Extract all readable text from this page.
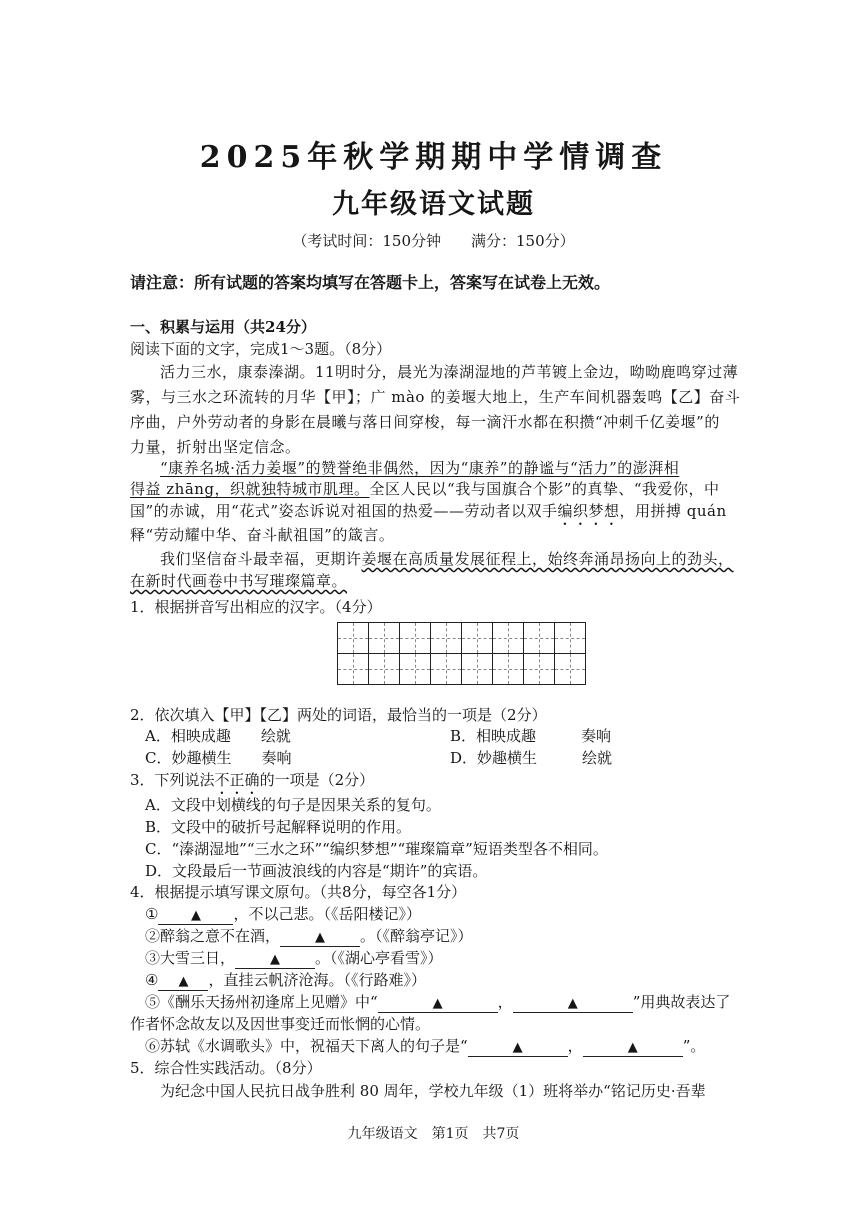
2025年秋学期期中学情调查
九年级语文试题
（考试时间：150分钟　　满分：150分）
请注意：所有试题的答案均填写在答题卡上，答案写在试卷上无效。
一、积累与运用（共24分）
阅读下面的文字，完成1～3题。（8分）
活力三水，康泰溱湖。11明时分，晨光为溱湖湿地的芦苇镀上金边，呦呦鹿鸣穿过薄
雾，与三水之环流转的月华【甲】；广 mào 的姜堰大地上，生产车间机器轰鸣【乙】奋斗
序曲，户外劳动者的身影在晨曦与落日间穿梭，每一滴汗水都在积攒“冲刺千亿姜堰”的
力量，折射出坚定信念。
“康养名城·活力姜堰”的赞誉绝非偶然，因为“康养”的静谧与“活力”的澎湃相
得益 zhāng，织就独特城市肌理。全区人民以“我与国旗合个影”的真挚、“我爱你，中
国”的赤诚，用“花式”姿态诉说对祖国的热爱——劳动者以双手编织梦想，用拼搏 quán
释“劳动耀中华、奋斗献祖国”的箴言。
我们坚信奋斗最幸福，更期许姜堰在高质量发展征程上，始终奔涌昂扬向上的劲头，
在新时代画卷中书写璀璨篇章。
1．根据拼音写出相应的汉字。（4分）
2．依次填入【甲】【乙】两处的词语，最恰当的一项是（2分）
A．相映成趣　　绘就	B．相映成趣　　　奏响
C．妙趣横生　　奏响	D．妙趣横生　　　绘就
3．下列说法不正确的一项是（2分）
A．文段中划横线的句子是因果关系的复句。
B．文段中的破折号起解释说明的作用。
C．“溱湖湿地”“三水之环”“编织梦想”“璀璨篇章”短语类型各不相同。
D．文段最后一节画波浪线的内容是“期许”的宾语。
4．根据提示填写课文原句。（共8分，每空各1分）
①	▲ ，不以己悲。（《岳阳楼记》）
②醉翁之意不在酒，	▲ 。（《醉翁亭记》）
③大雪三日，	▲ 。（《湖心亭看雪》）
④ ▲ ，直挂云帆济沧海。（《行路难》）
⑤《酬乐天扬州初逢席上见赠》中“	▲	，	▲	”用典故表达了
作者怀念故友以及因世事变迁而怅惘的心情。
⑥苏轼《水调歌头》中，祝福天下离人的句子是“	▲	，	▲	”。
5．综合性实践活动。（8分）
为纪念中国人民抗日战争胜利 80 周年，学校九年级（1）班将举办“铭记历史·吾辈
九年级语文　第1页　共7页
